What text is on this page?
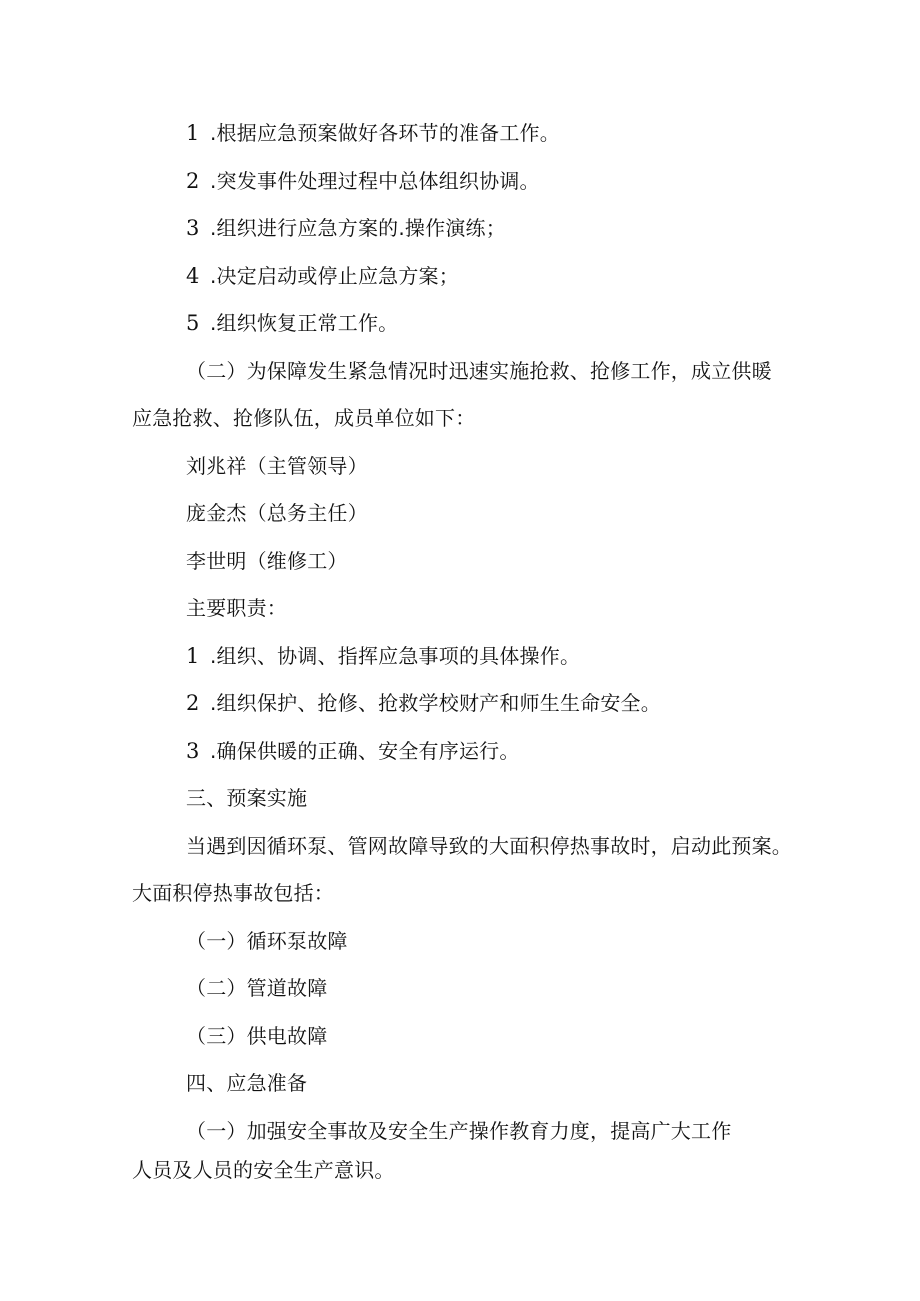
1 .根据应急预案做好各环节的准备工作。
2 .突发事件处理过程中总体组织协调。
3 .组织进行应急方案的.操作演练；
4 .决定启动或停止应急方案；
5 .组织恢复正常工作。
（二）为保障发生紧急情况时迅速实施抢救、抢修工作，成立供暖
应急抢救、抢修队伍，成员单位如下：
刘兆祥（主管领导）
庞金杰（总务主任）
李世明（维修工）
主要职责：
1 .组织、协调、指挥应急事项的具体操作。
2 .组织保护、抢修、抢救学校财产和师生生命安全。
3 .确保供暖的正确、安全有序运行。
三、预案实施
当遇到因循环泵、管网故障导致的大面积停热事故时，启动此预案。
大面积停热事故包括：
（一）循环泵故障
（二）管道故障
（三）供电故障
四、应急准备
（一）加强安全事故及安全生产操作教育力度，提高广大工作
人员及人员的安全生产意识。
